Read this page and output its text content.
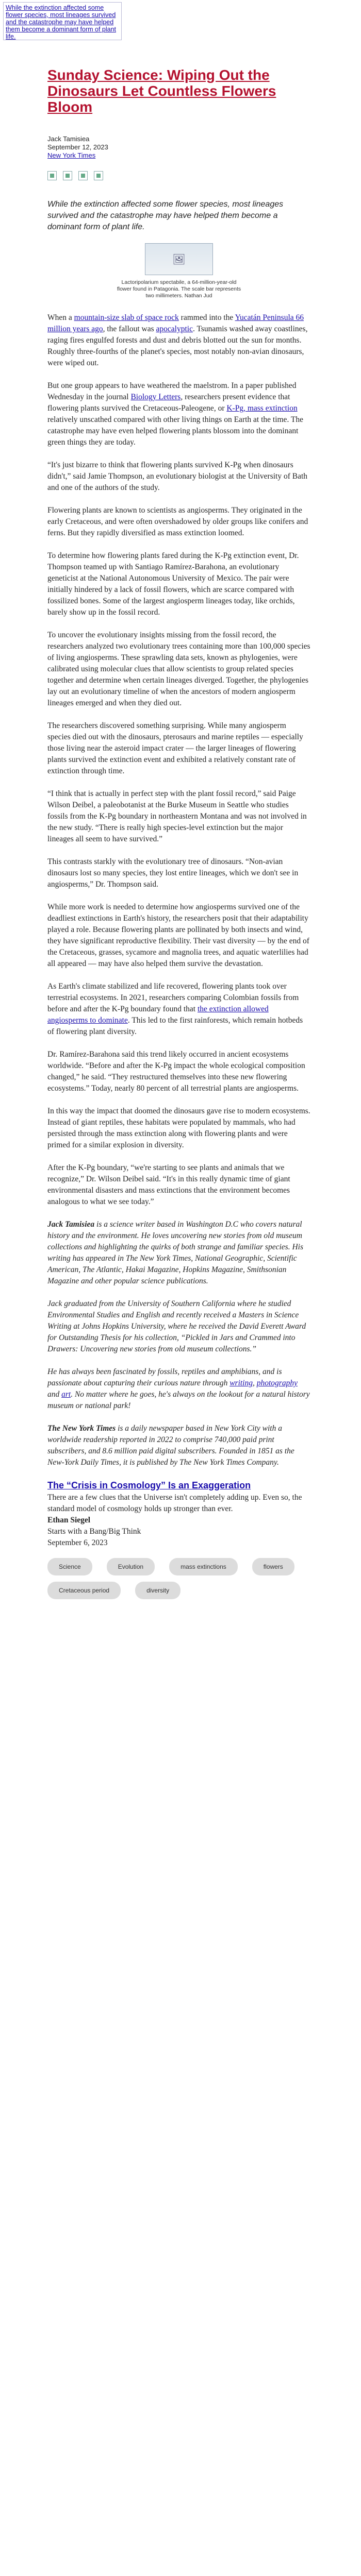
While the extinction affected some flower species, most lineages survived and the catastrophe may have helped them become a dominant form of plant life.
Sunday Science: Wiping Out the Dinosaurs Let Countless Flowers Bloom
Jack Tamisiea
September 12, 2023
New York Times
While the extinction affected some flower species, most lineages survived and the catastrophe may have helped them become a dominant form of plant life.
🖼
Lactoripolarium spectabile, a 64-million-year-old flower found in Patagonia. The scale bar represents two millimeters. Nathan Jud

When a mountain-size slab of space rock rammed into the Yucatán Peninsula 66 million years ago, the fallout was apocalyptic. Tsunamis washed away coastlines, raging fires engulfed forests and dust and debris blotted out the sun for months. Roughly three-fourths of the planet's species, most notably non-avian dinosaurs, were wiped out.

But one group appears to have weathered the maelstrom. In a paper published Wednesday in the journal Biology Letters, researchers present evidence that flowering plants survived the Cretaceous-Paleogene, or K-Pg, mass extinction relatively unscathed compared with other living things on Earth at the time. The catastrophe may have even helped flowering plants blossom into the dominant green things they are today.

“It's just bizarre to think that flowering plants survived K-Pg when dinosaurs didn't,” said Jamie Thompson, an evolutionary biologist at the University of Bath and one of the authors of the study.

Flowering plants are known to scientists as angiosperms. They originated in the early Cretaceous, and were often overshadowed by older groups like conifers and ferns. But they rapidly diversified as mass extinction loomed.

To determine how flowering plants fared during the K-Pg extinction event, Dr. Thompson teamed up with Santiago Ramírez-Barahona, an evolutionary geneticist at the National Autonomous University of Mexico. The pair were initially hindered by a lack of fossil flowers, which are scarce compared with fossilized bones. Some of the largest angiosperm lineages today, like orchids, barely show up in the fossil record.

To uncover the evolutionary insights missing from the fossil record, the researchers analyzed two evolutionary trees containing more than 100,000 species of living angiosperms. These sprawling data sets, known as phylogenies, were calibrated using molecular clues that allow scientists to group related species together and determine when certain lineages diverged. Together, the phylogenies lay out an evolutionary timeline of when the ancestors of modern angiosperm lineages emerged and when they died out.

The researchers discovered something surprising. While many angiosperm species died out with the dinosaurs, pterosaurs and marine reptiles — especially those living near the asteroid impact crater — the larger lineages of flowering plants survived the extinction event and exhibited a relatively constant rate of extinction through time.

“I think that is actually in perfect step with the plant fossil record,” said Paige Wilson Deibel, a paleobotanist at the Burke Museum in Seattle who studies fossils from the K-Pg boundary in northeastern Montana and was not involved in the new study. “There is really high species-level extinction but the major lineages all seem to have survived.”

This contrasts starkly with the evolutionary tree of dinosaurs. “Non-avian dinosaurs lost so many species, they lost entire lineages, which we don't see in angiosperms,” Dr. Thompson said.

While more work is needed to determine how angiosperms survived one of the deadliest extinctions in Earth's history, the researchers posit that their adaptability played a role. Because flowering plants are pollinated by both insects and wind, they have significant reproductive flexibility. Their vast diversity — by the end of the Cretaceous, grasses, sycamore and magnolia trees, and aquatic waterlilies had all appeared — may have also helped them survive the devastation.

As Earth's climate stabilized and life recovered, flowering plants took over terrestrial ecosystems. In 2021, researchers comparing Colombian fossils from before and after the K-Pg boundary found that the extinction allowed angiosperms to dominate. This led to the first rainforests, which remain hotbeds of flowering plant diversity.

Dr. Ramírez-Barahona said this trend likely occurred in ancient ecosystems worldwide. “Before and after the K-Pg impact the whole ecological composition changed,” he said. “They restructured themselves into these new flowering ecosystems.” Today, nearly 80 percent of all terrestrial plants are angiosperms.

In this way the impact that doomed the dinosaurs gave rise to modern ecosystems. Instead of giant reptiles, these habitats were populated by mammals, who had persisted through the mass extinction along with flowering plants and were primed for a similar explosion in diversity.

After the K-Pg boundary, “we're starting to see plants and animals that we recognize,” Dr. Wilson Deibel said. “It's in this really dynamic time of giant environmental disasters and mass extinctions that the environment becomes analogous to what we see today.”

Jack Tamisiea is a science writer based in Washington D.C who covers natural history and the environment. He loves uncovering new stories from old museum collections and highlighting the quirks of both strange and familiar species. His writing has appeared in The New York Times, National Geographic, Scientific American, The Atlantic, Hakai Magazine, Hopkins Magazine, Smithsonian Magazine and other popular science publications.

Jack graduated from the University of Southern California where he studied Environmental Studies and English and recently received a Masters in Science Writing at Johns Hopkins University, where he received the David Everett Award for Outstanding Thesis for his collection, “Pickled in Jars and Crammed into Drawers: Uncovering new stories from old museum collections.”

He has always been fascinated by fossils, reptiles and amphibians, and is passionate about capturing their curious nature through writing, photography and art. No matter where he goes, he's always on the lookout for a natural history museum or national park!

The New York Times is a daily newspaper based in New York City with a worldwide readership reported in 2022 to comprise 740,000 paid print subscribers, and 8.6 million paid digital subscribers. Founded in 1851 as the New-York Daily Times, it is published by The New York Times Company.

The “Crisis in Cosmology” Is an Exaggeration
There are a few clues that the Universe isn't completely adding up. Even so, the standard model of cosmology holds up stronger than ever.
Ethan Siegel
Starts with a Bang/Big Think
September 6, 2023
Science	Evolution	mass extinctions	flowers
Cretaceous period	diversity
